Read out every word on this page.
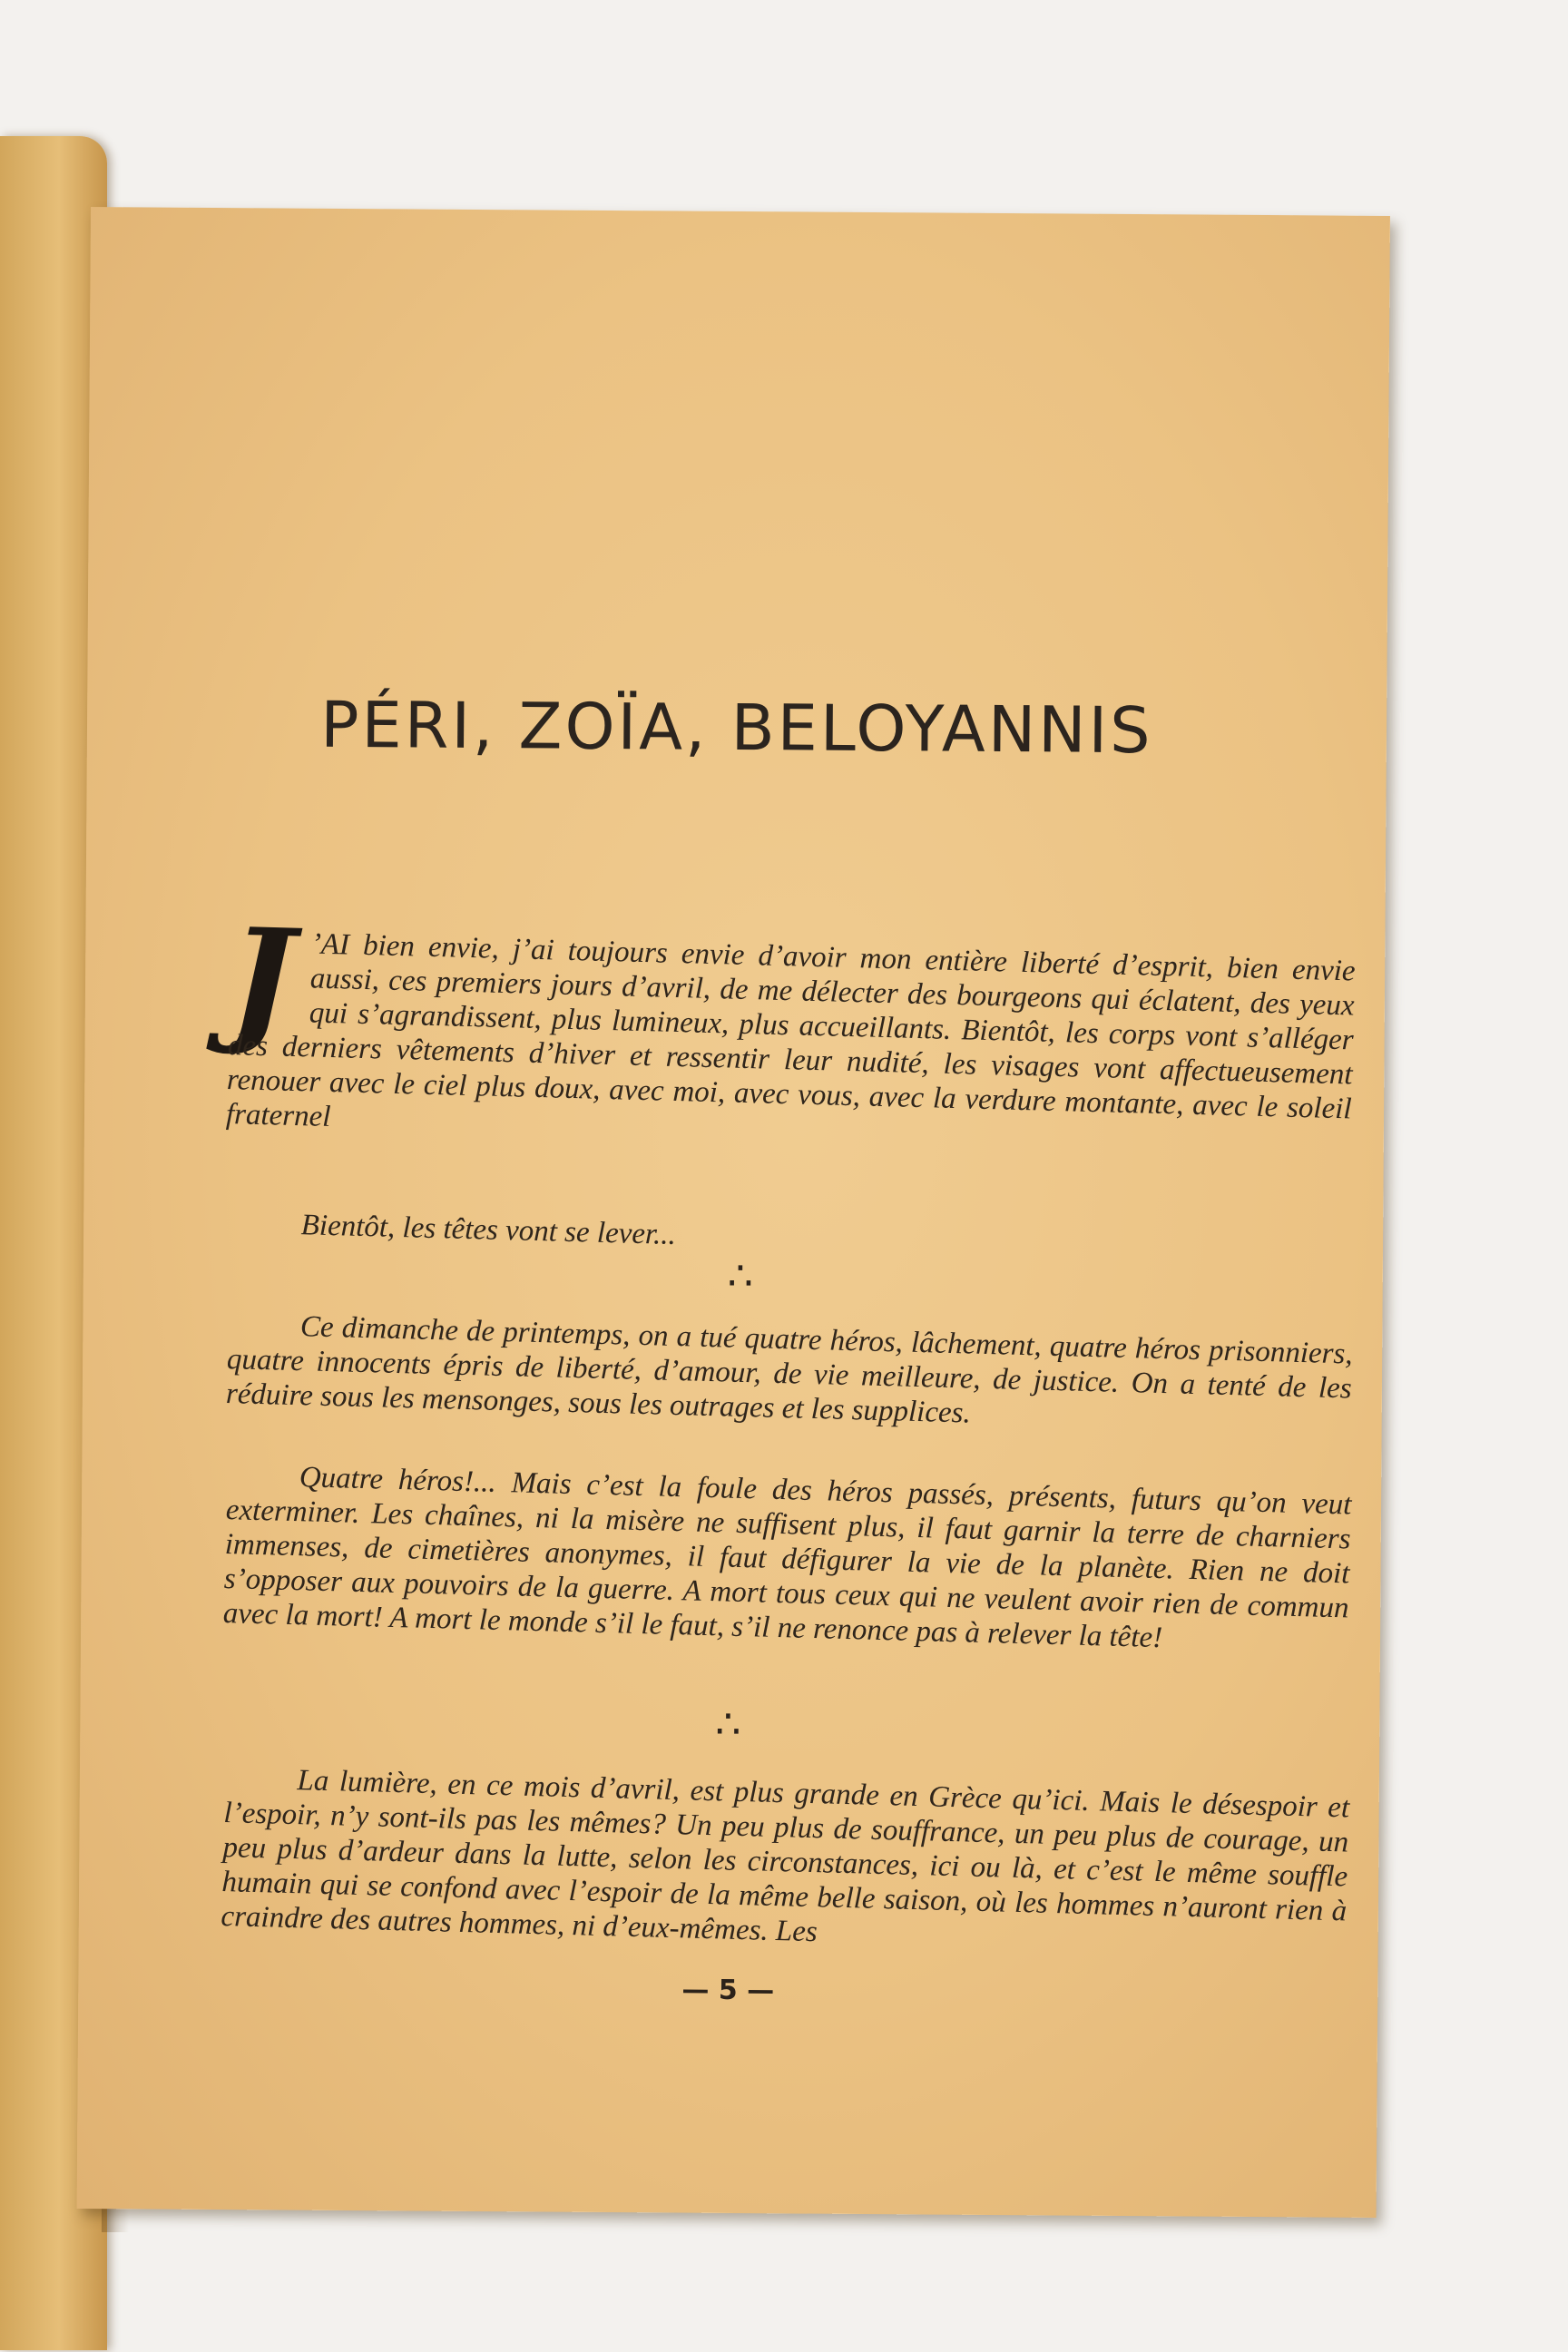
PÉRI, ZOÏA, BELOYANNIS
J ’AI bien envie, j’ai toujours envie d’avoir mon entière liberté d’esprit, bien envie aussi, ces premiers jours d’avril, de me délecter des bourgeons qui éclatent, des yeux qui s’agrandissent, plus lumineux, plus accueillants. Bientôt, les corps vont s’alléger des derniers vêtements d’hiver et ressentir leur nudité, les visages vont affectueusement renouer avec le ciel plus doux, avec moi, avec vous, avec la verdure montante, avec le soleil fraternel
Bientôt, les têtes vont se lever...
∴
Ce dimanche de printemps, on a tué quatre héros, lâchement, quatre héros prisonniers, quatre innocents épris de liberté, d’amour, de vie meilleure, de justice. On a tenté de les réduire sous les mensonges, sous les outrages et les supplices.
Quatre héros!... Mais c’est la foule des héros passés, présents, futurs qu’on veut exterminer. Les chaînes, ni la misère ne suffisent plus, il faut garnir la terre de charniers immenses, de cimetières anonymes, il faut défigurer la vie de la planète. Rien ne doit s’opposer aux pouvoirs de la guerre. A mort tous ceux qui ne veulent avoir rien de commun avec la mort! A mort le monde s’il le faut, s’il ne renonce pas à relever la tête!
∴
La lumière, en ce mois d’avril, est plus grande en Grèce qu’ici. Mais le désespoir et l’espoir, n’y sont-ils pas les mêmes? Un peu plus de souffrance, un peu plus de courage, un peu plus d’ardeur dans la lutte, selon les circonstances, ici ou là, et c’est le même souffle humain qui se confond avec l’espoir de la même belle saison, où les hommes n’auront rien à craindre des autres hommes, ni d’eux-mêmes. Les
— 5 —
